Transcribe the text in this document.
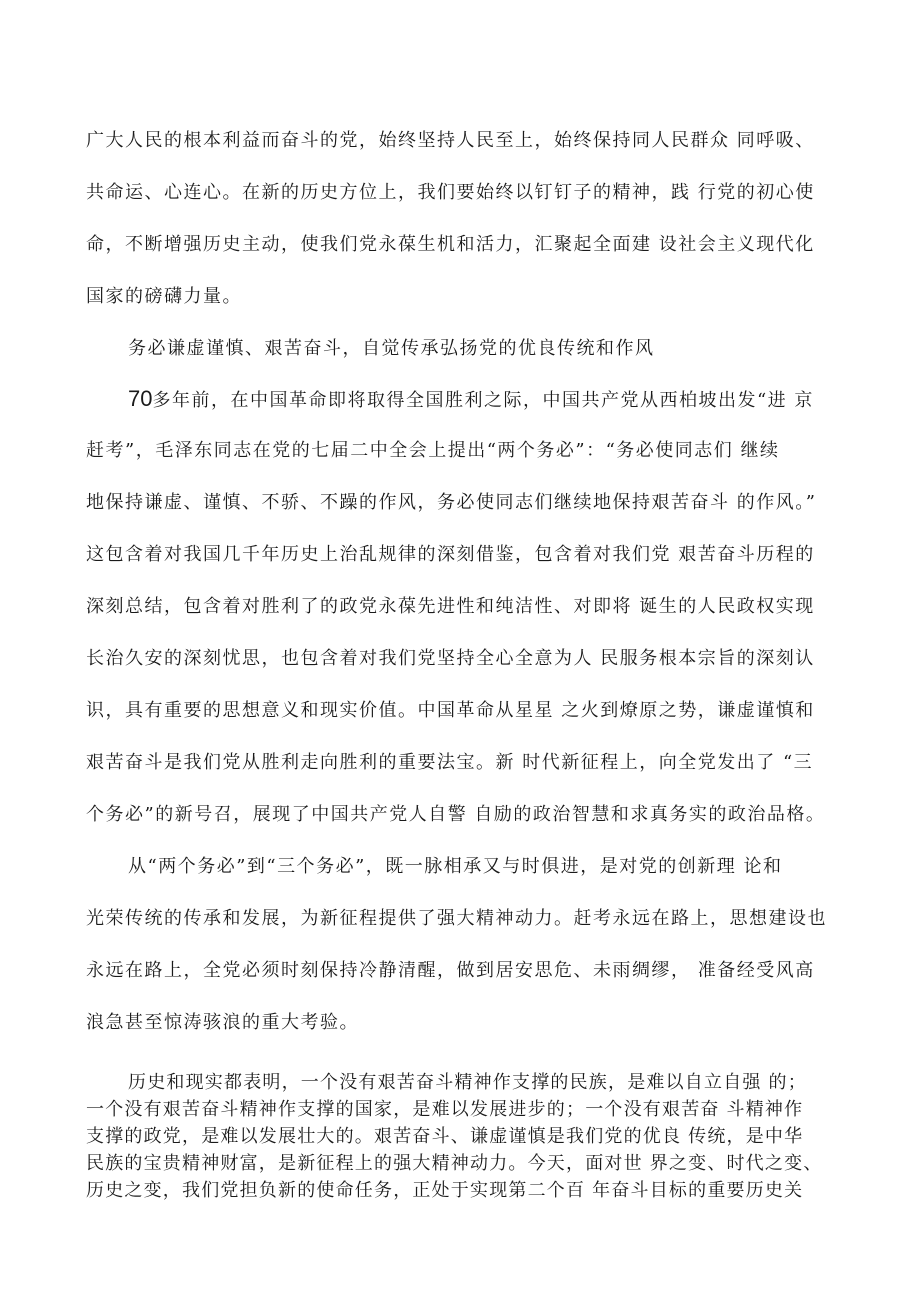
广大人民的根本利益而奋斗的党，始终坚持人民至上，始终保持同人民群众 同呼吸、
共命运、心连心。在新的历史方位上，我们要始终以钉钉子的精神，践 行党的初心使
命，不断增强历史主动，使我们党永葆生机和活力，汇聚起全面建 设社会主义现代化
国家的磅礴力量。
务必谦虚谨慎、艰苦奋斗，自觉传承弘扬党的优良传统和作风
70多年前，在中国革命即将取得全国胜利之际，中国共产党从西柏坡出发“进 京
赶考”，毛泽东同志在党的七届二中全会上提出“两个务必”：“务必使同志们 继续
地保持谦虚、谨慎、不骄、不躁的作风，务必使同志们继续地保持艰苦奋斗 的作风。”
这包含着对我国几千年历史上治乱规律的深刻借鉴，包含着对我们党 艰苦奋斗历程的
深刻总结，包含着对胜利了的政党永葆先进性和纯洁性、对即将 诞生的人民政权实现
长治久安的深刻忧思，也包含着对我们党坚持全心全意为人 民服务根本宗旨的深刻认
识，具有重要的思想意义和现实价值。中国革命从星星 之火到燎原之势，谦虚谨慎和
艰苦奋斗是我们党从胜利走向胜利的重要法宝。新 时代新征程上，向全党发出了 “三
个务必”的新号召，展现了中国共产党人自警 自励的政治智慧和求真务实的政治品格。
从“两个务必”到“三个务必”，既一脉相承又与时俱进，是对党的创新理 论和
光荣传统的传承和发展，为新征程提供了强大精神动力。赶考永远在路上，思想建设也
永远在路上，全党必须时刻保持冷静清醒，做到居安思危、未雨绸缪， 准备经受风高
浪急甚至惊涛骇浪的重大考验。
历史和现实都表明，一个没有艰苦奋斗精神作支撑的民族，是难以自立自强 的；
一个没有艰苦奋斗精神作支撑的国家，是难以发展进步的；一个没有艰苦奋 斗精神作
支撑的政党，是难以发展壮大的。艰苦奋斗、谦虚谨慎是我们党的优良 传统，是中华
民族的宝贵精神财富，是新征程上的强大精神动力。今天，面对世 界之变、时代之变、
历史之变，我们党担负新的使命任务，正处于实现第二个百 年奋斗目标的重要历史关
